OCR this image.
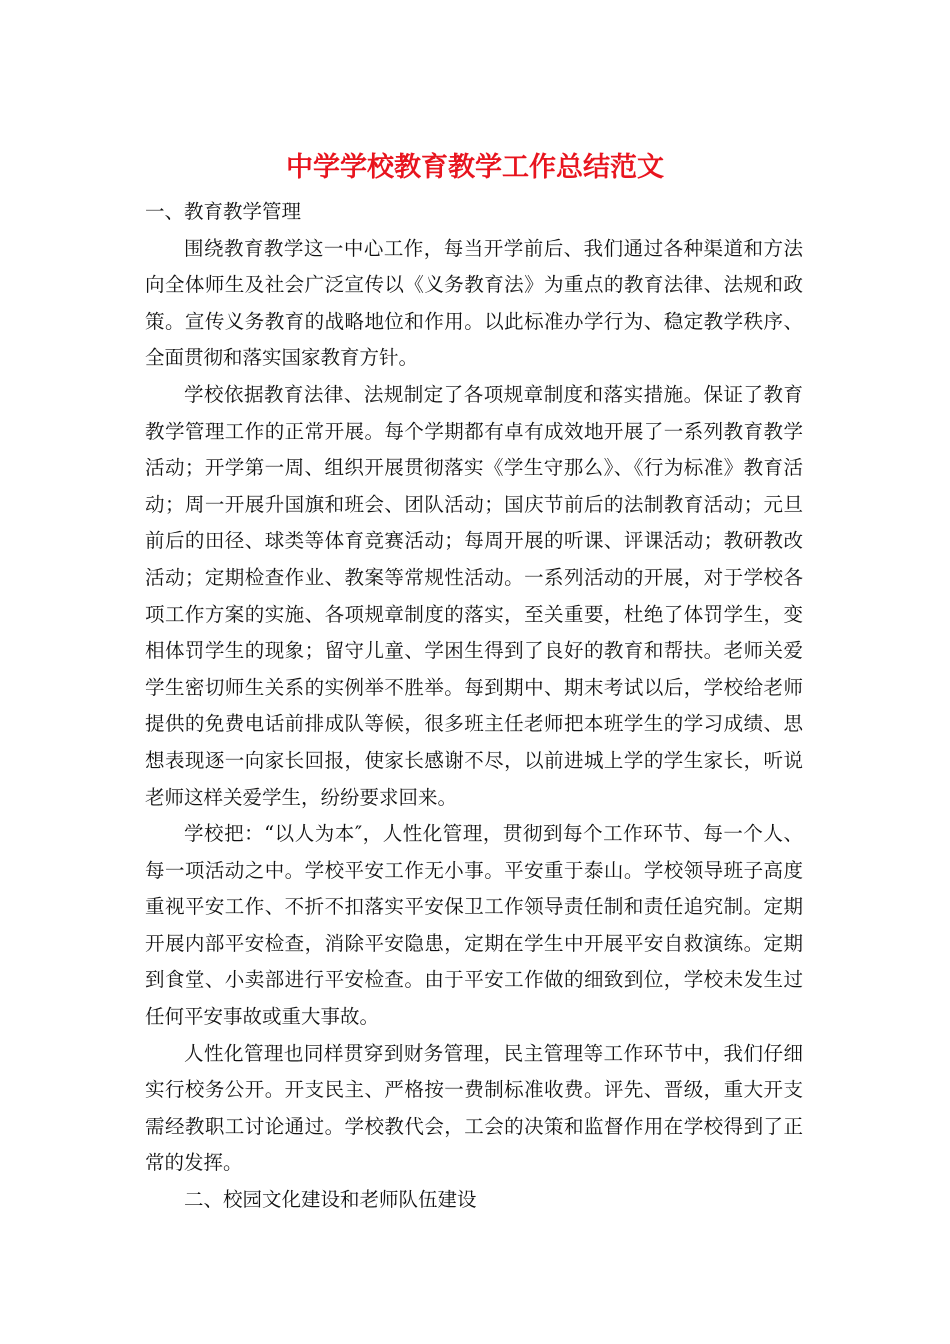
中学学校教育教学工作总结范文

一、教育教学管理

围绕教育教学这一中心工作，每当开学前后、我们通过各种渠道和方法向全体师生及社会广泛宣传以《义务教育法》为重点的教育法律、法规和政策。宣传义务教育的战略地位和作用。以此标准办学行为、稳定教学秩序、全面贯彻和落实国家教育方针。

学校依据教育法律、法规制定了各项规章制度和落实措施。保证了教育教学管理工作的正常开展。每个学期都有卓有成效地开展了一系列教育教学活动；开学第一周、组织开展贯彻落实《学生守那么》、《行为标准》教育活动；周一开展升国旗和班会、团队活动；国庆节前后的法制教育活动；元旦前后的田径、球类等体育竞赛活动；每周开展的听课、评课活动；教研教改活动；定期检查作业、教案等常规性活动。一系列活动的开展，对于学校各项工作方案的实施、各项规章制度的落实，至关重要，杜绝了体罚学生，变相体罚学生的现象；留守儿童、学困生得到了良好的教育和帮扶。老师关爱学生密切师生关系的实例举不胜举。每到期中、期末考试以后，学校给老师提供的免费电话前排成队等候，很多班主任老师把本班学生的学习成绩、思想表现逐一向家长回报，使家长感谢不尽，以前进城上学的学生家长，听说老师这样关爱学生，纷纷要求回来。

学校把：“以人为本″，人性化管理，贯彻到每个工作环节、每一个人、每一项活动之中。学校平安工作无小事。平安重于泰山。学校领导班子高度重视平安工作、不折不扣落实平安保卫工作领导责任制和责任追究制。定期开展内部平安检查，消除平安隐患，定期在学生中开展平安自救演练。定期到食堂、小卖部进行平安检查。由于平安工作做的细致到位，学校未发生过任何平安事故或重大事故。

人性化管理也同样贯穿到财务管理，民主管理等工作环节中，我们仔细实行校务公开。开支民主、严格按一费制标准收费。评先、晋级，重大开支需经教职工讨论通过。学校教代会，工会的决策和监督作用在学校得到了正常的发挥。

二、校园文化建设和老师队伍建设
